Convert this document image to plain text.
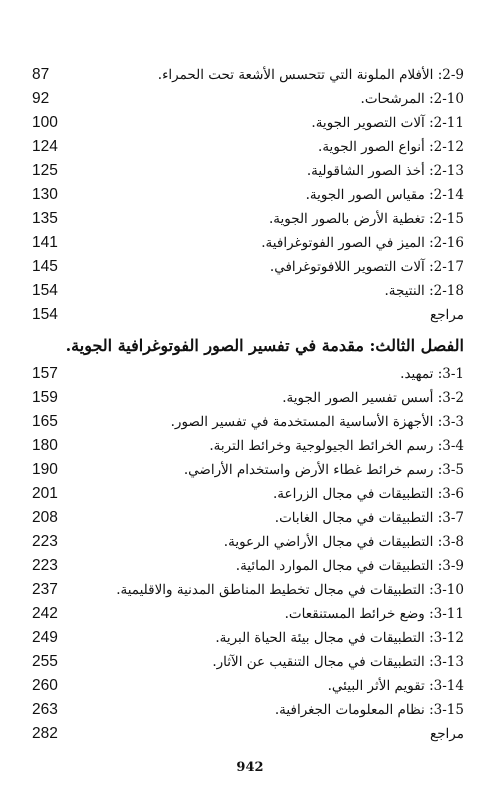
87	2-9: الأفلام الملونة التي تتحسس الأشعة تحت الحمراء.
92	2-10: المرشحات.
100	2-11: آلات التصوير الجوية.
124	2-12: أنواع الصور الجوية.
125	2-13: أخذ الصور الشاقولية.
130	2-14: مقياس الصور الجوية.
135	2-15: تغطية الأرض بالصور الجوية.
141	2-16: الميز في الصور الفوتوغرافية.
145	2-17: آلات التصوير اللافوتوغرافي.
154	2-18: النتيجة.
154	مراجع
الفصل الثالث: مقدمة في تفسير الصور الفوتوغرافية الجوية.
157	3-1: تمهيد.
159	3-2: أسس تفسير الصور الجوية.
165	3-3: الأجهزة الأساسية المستخدمة في تفسير الصور.
180	3-4: رسم الخرائط الجيولوجية وخرائط التربة.
190	3-5: رسم خرائط غطاء الأرض واستخدام الأراضي.
201	3-6: التطبيقات في مجال الزراعة.
208	3-7: التطبيقات في مجال الغابات.
223	3-8: التطبيقات في مجال الأراضي الرعوية.
223	3-9: التطبيقات في مجال الموارد المائية.
237	3-10: التطبيقات في مجال تخطيط المناطق المدنية والاقليمية.
242	3-11: وضع خرائط المستنقعات.
249	3-12: التطبيقات في مجال بيئة الحياة البرية.
255	3-13: التطبيقات في مجال التنقيب عن الآثار.
260	3-14: تقويم الأثر البيئي.
263	3-15: نظام المعلومات الجغرافية.
282	مراجع
942
